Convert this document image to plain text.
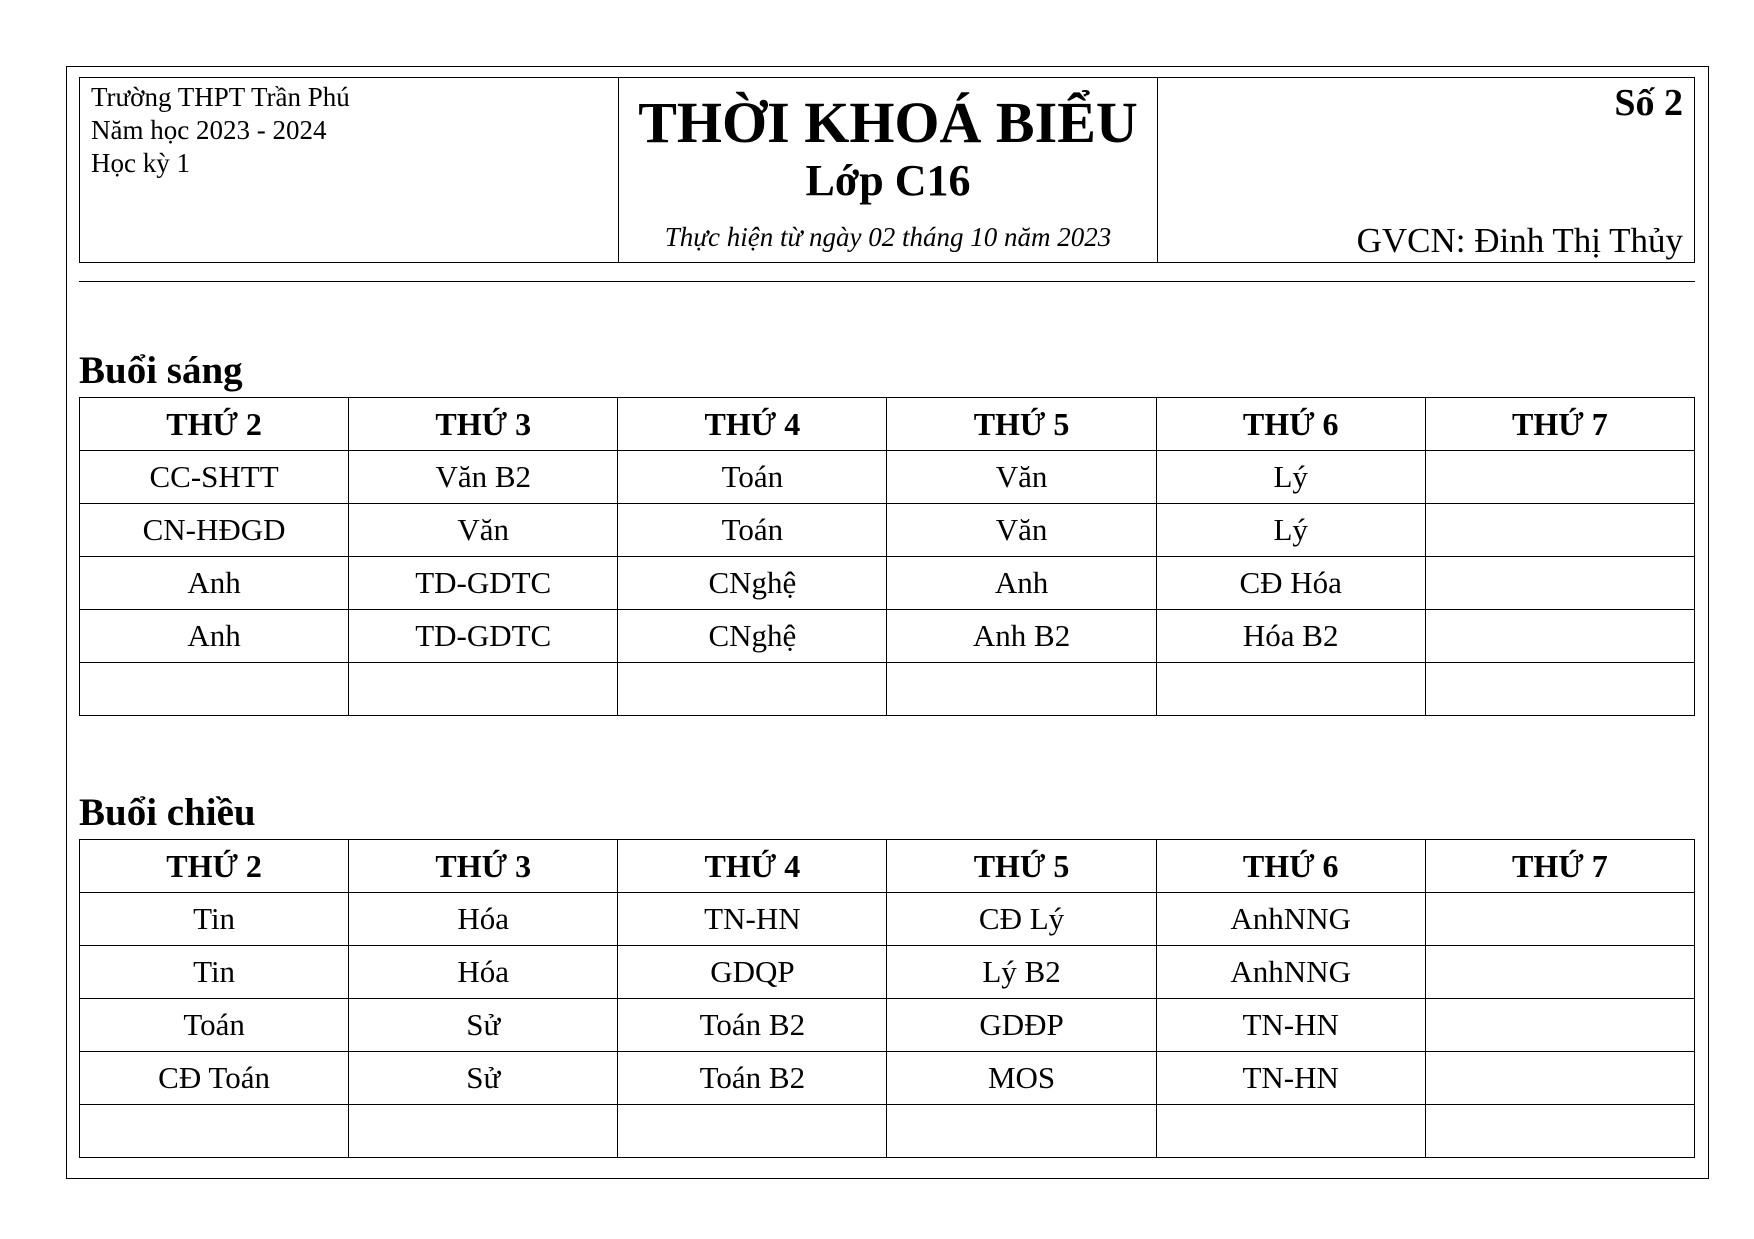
Trường THPT Trần Phú
Năm học 2023 - 2024
Học kỳ 1
THỜI KHOÁ BIỂU
Lớp C16
Thực hiện từ ngày 02 tháng 10 năm 2023
Số 2
GVCN: Đinh Thị Thủy
Buổi sáng
THỨ 2	THỨ 3	THỨ 4	THỨ 5	THỨ 6	THỨ 7
CC-SHTT	Văn B2	Toán	Văn	Lý	
CN-HĐGD	Văn	Toán	Văn	Lý	
Anh	TD-GDTC	CNghệ	Anh	CĐ Hóa	
Anh	TD-GDTC	CNghệ	Anh B2	Hóa B2	

Buổi chiều
THỨ 2	THỨ 3	THỨ 4	THỨ 5	THỨ 6	THỨ 7
Tin	Hóa	TN-HN	CĐ Lý	AnhNNG	
Tin	Hóa	GDQP	Lý B2	AnhNNG	
Toán	Sử	Toán B2	GDĐP	TN-HN	
CĐ Toán	Sử	Toán B2	MOS	TN-HN	
